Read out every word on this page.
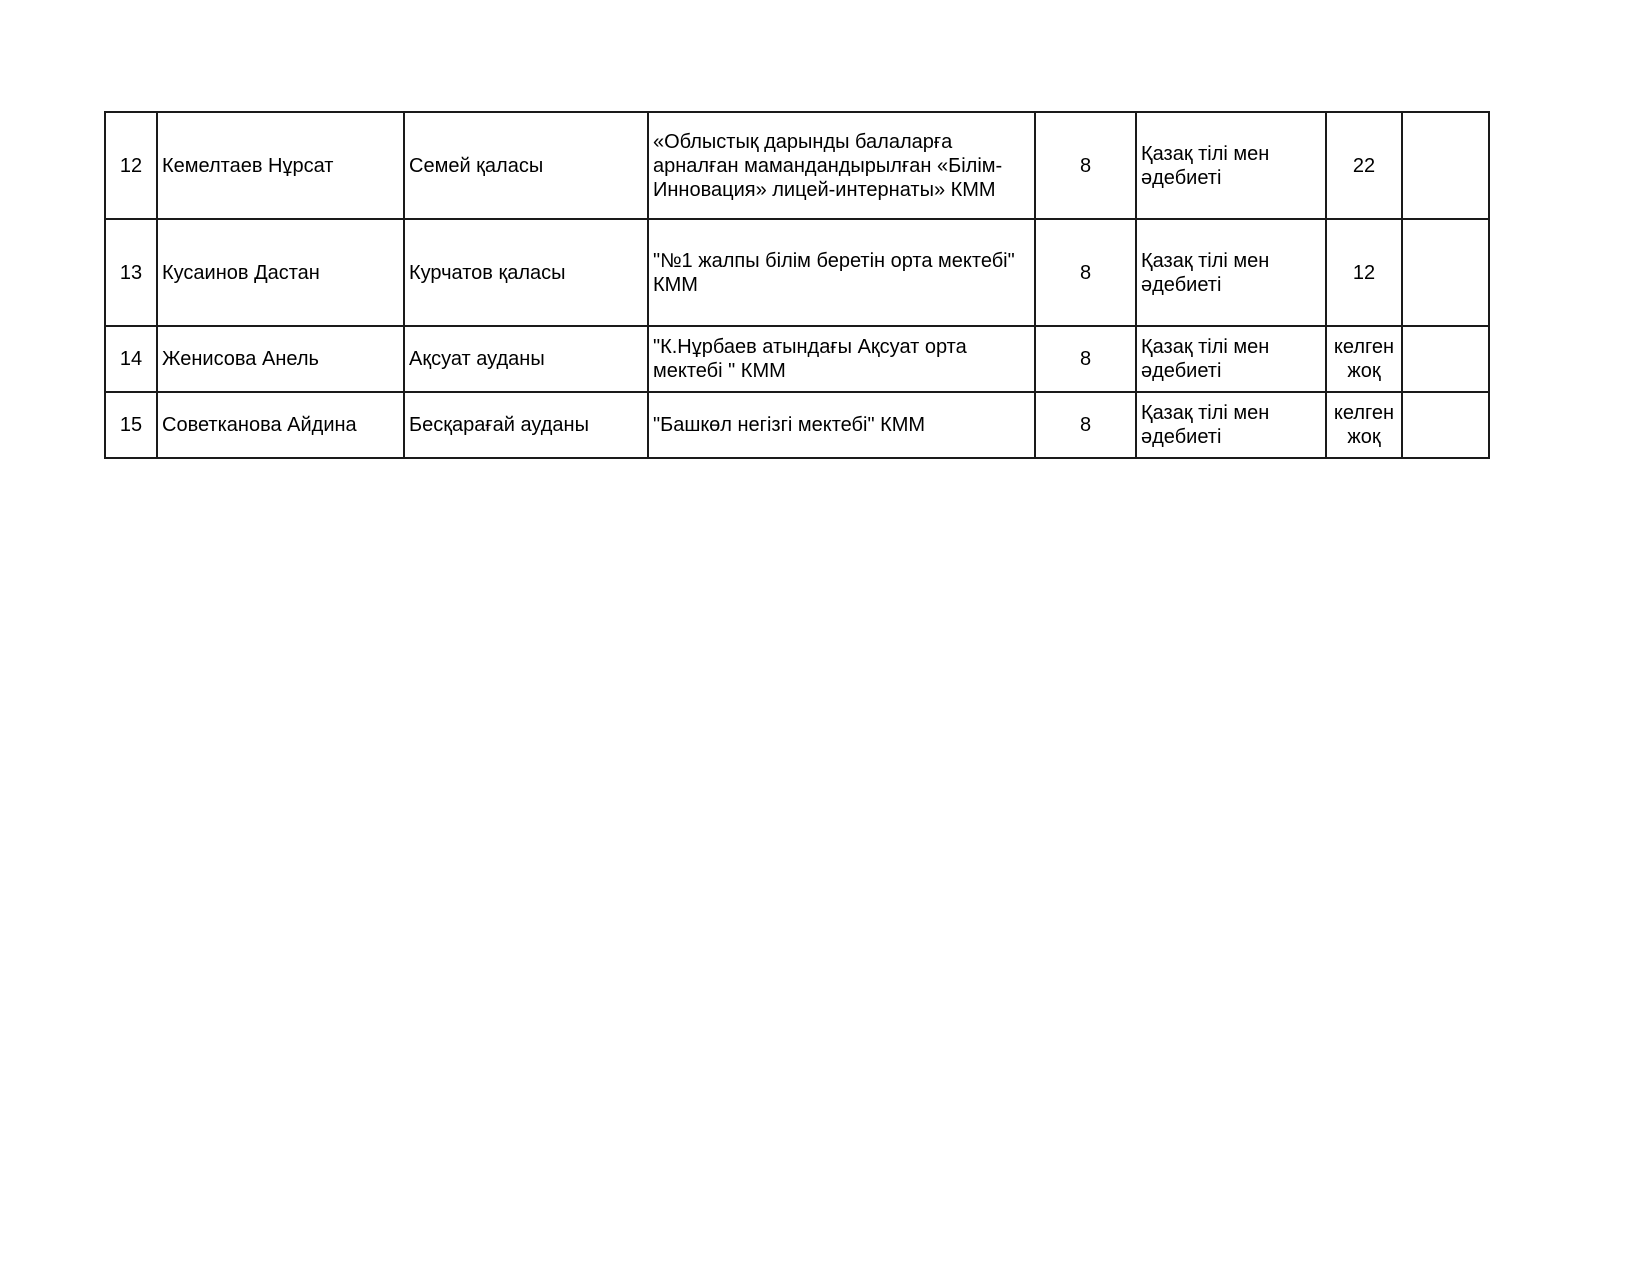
12	Кемелтаев Нұрсат	Семей қаласы	«Облыстық дарынды балаларға
арналған мамандандырылған «Білім-
Инновация» лицей-интернаты» КММ	8	Қазақ тілі мен
әдебиеті	22	
13	Кусаинов Дастан	Курчатов қаласы	"№1 жалпы білім беретін орта мектебі"
КММ	8	Қазақ тілі мен
әдебиеті	12	
14	Женисова Анель	Ақсуат ауданы	"К.Нұрбаев атындағы Ақсуат орта
мектебі " КММ	8	Қазақ тілі мен
әдебиеті	келген
жоқ	
15	Советканова Айдина	Бесқарағай ауданы	"Башкөл негізгі мектебі" КММ	8	Қазақ тілі мен
әдебиеті	келген
жоқ	
